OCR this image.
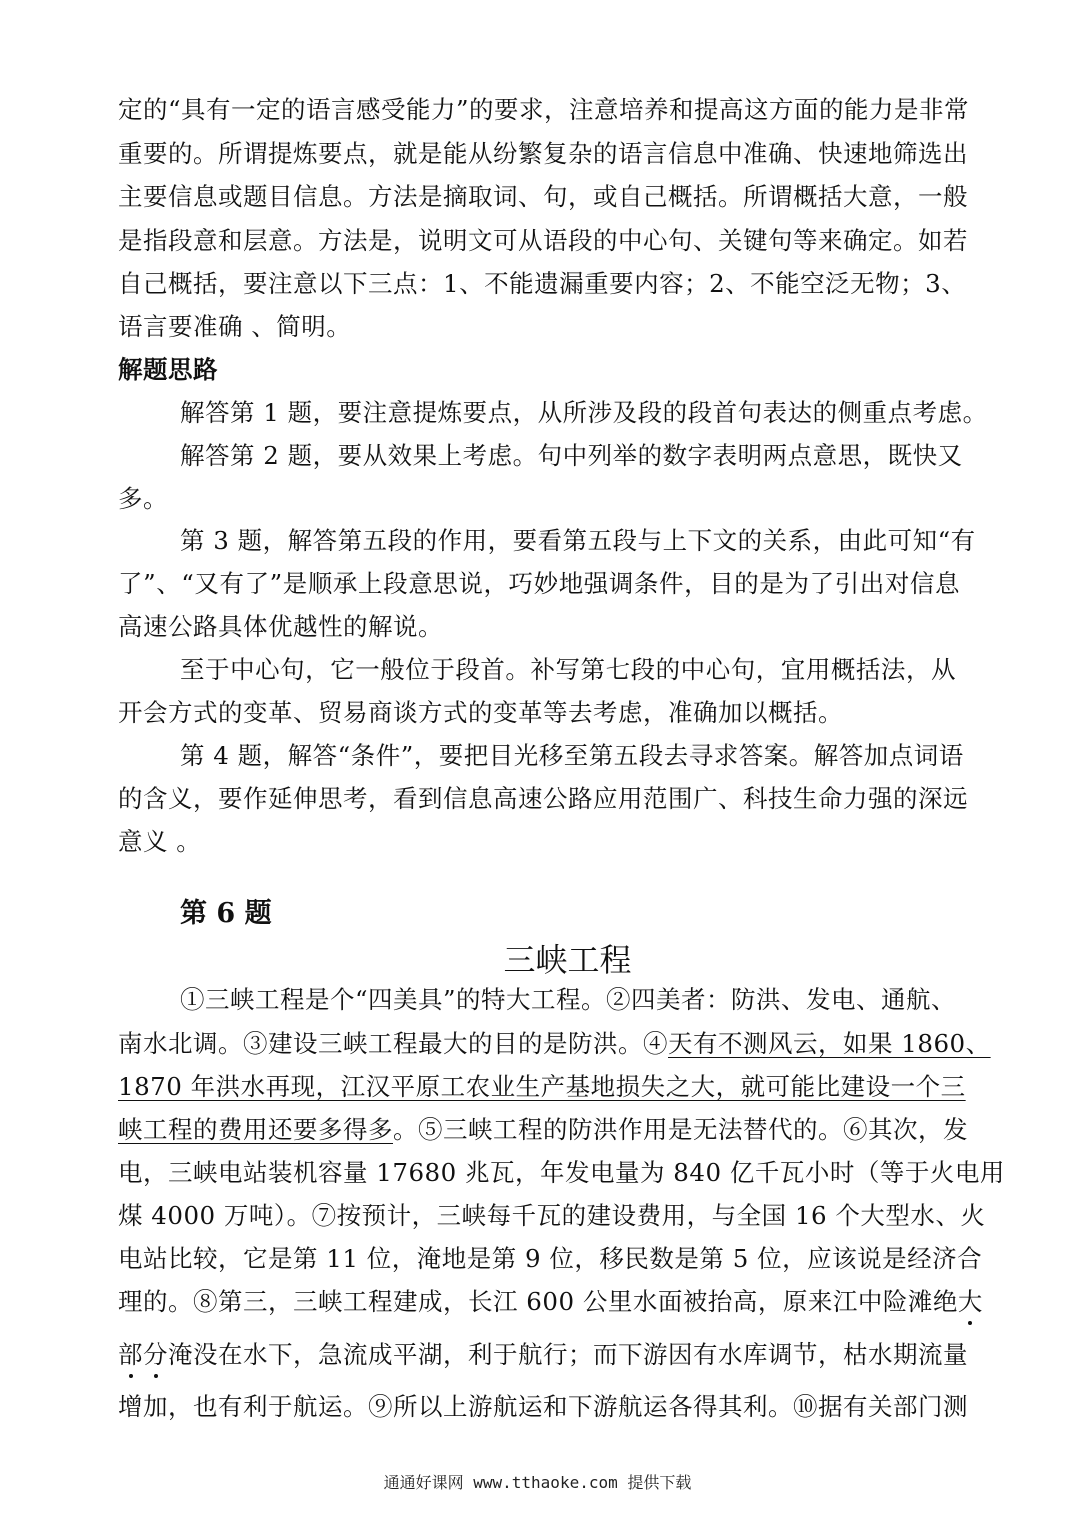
定的“具有一定的语言感受能力”的要求，注意培养和提高这方面的能力是非常
重要的。所谓提炼要点，就是能从纷繁复杂的语言信息中准确、快速地筛选出
主要信息或题目信息。方法是摘取词、句，或自己概括。所谓概括大意，一般
是指段意和层意。方法是，说明文可从语段的中心句、关键句等来确定。如若
自己概括，要注意以下三点：1、不能遗漏重要内容；2、不能空泛无物；3、
语言要准确 、简明。
解题思路
解答第 1 题，要注意提炼要点，从所涉及段的段首句表达的侧重点考虑。
解答第 2 题，要从效果上考虑。句中列举的数字表明两点意思，既快又
多。
第 3 题，解答第五段的作用，要看第五段与上下文的关系，由此可知“有
了”、“又有了”是顺承上段意思说，巧妙地强调条件，目的是为了引出对信息
高速公路具体优越性的解说。
至于中心句，它一般位于段首。补写第七段的中心句，宜用概括法，从
开会方式的变革、贸易商谈方式的变革等去考虑，准确加以概括。
第 4 题，解答“条件”，要把目光移至第五段去寻求答案。解答加点词语
的含义，要作延伸思考，看到信息高速公路应用范围广、科技生命力强的深远
意义 。
第 6 题
三峡工程
①三峡工程是个“四美具”的特大工程。②四美者：防洪、发电、通航、
南水北调。③建设三峡工程最大的目的是防洪。④天有不测风云，如果 1860、
1870 年洪水再现，江汉平原工农业生产基地损失之大，就可能比建设一个三
峡工程的费用还要多得多。⑤三峡工程的防洪作用是无法替代的。⑥其次，发
电，三峡电站装机容量 17680 兆瓦，年发电量为 840 亿千瓦小时（等于火电用
煤 4000 万吨）。⑦按预计，三峡每千瓦的建设费用，与全国 16 个大型水、火
电站比较，它是第 11 位，淹地是第 9 位，移民数是第 5 位，应该说是经济合
理的。⑧第三，三峡工程建成，长江 600 公里水面被抬高，原来江中险滩绝大
部分淹没在水下，急流成平湖，利于航行；而下游因有水库调节，枯水期流量
增加，也有利于航运。⑨所以上游航运和下游航运各得其利。⑩据有关部门测
通通好课网 www.tthaoke.com 提供下载
